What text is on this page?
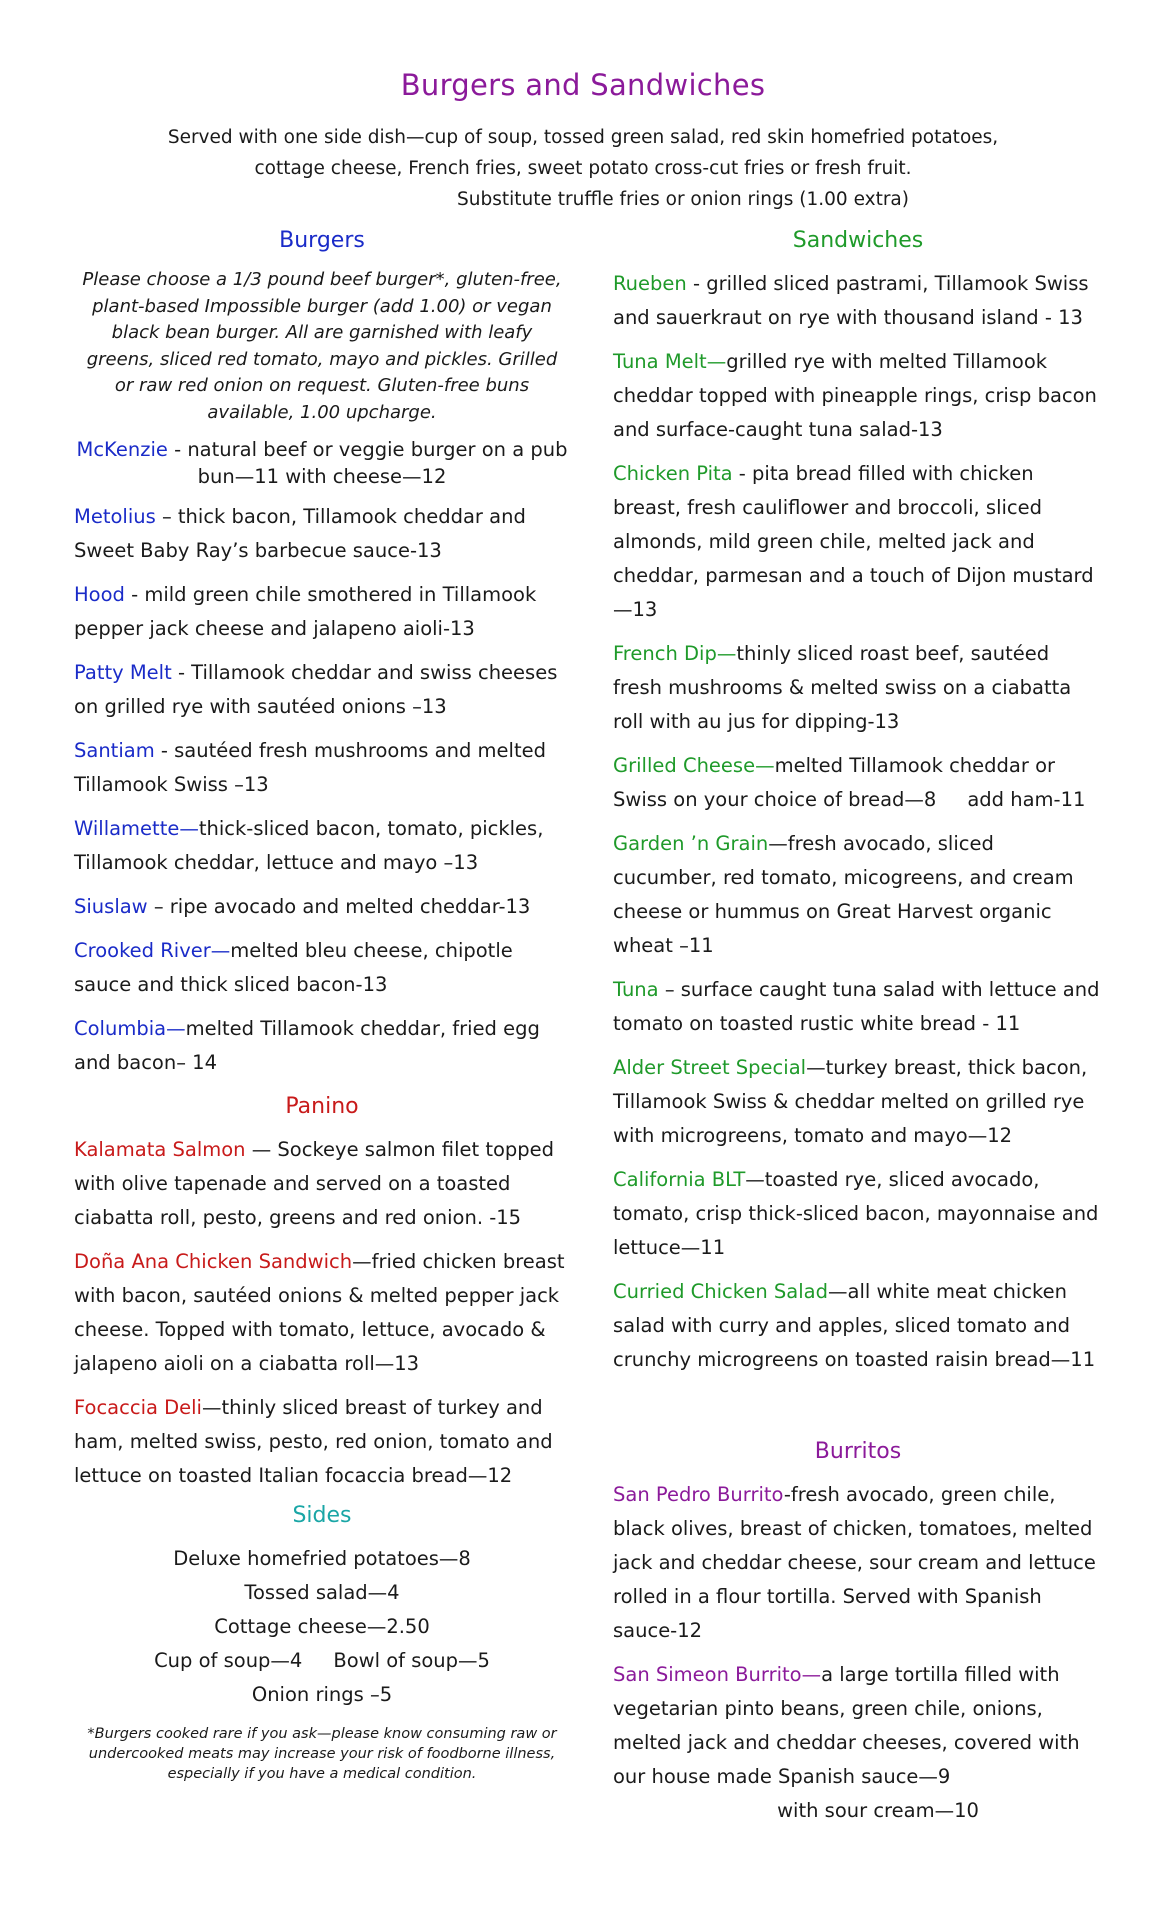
Burgers and Sandwiches
Served with one side dish—cup of soup, tossed green salad, red skin homefried potatoes,
cottage cheese, French fries, sweet potato cross-cut fries or fresh fruit.
Substitute truffle fries or onion rings (1.00 extra)
Burgers
Please choose a 1/3 pound beef burger*, gluten-free, plant-based Impossible burger (add 1.00) or vegan black bean burger. All are garnished with leafy greens, sliced red tomato, mayo and pickles. Grilled or raw red onion on request. Gluten-free buns available, 1.00 upcharge.
McKenzie - natural beef or veggie burger on a pub bun—11 with cheese—12
Metolius – thick bacon, Tillamook cheddar and Sweet Baby Ray’s barbecue sauce-13
Hood - mild green chile smothered in Tillamook pepper jack cheese and jalapeno aioli-13
Patty Melt - Tillamook cheddar and swiss cheeses on grilled rye with sautéed onions –13
Santiam - sautéed fresh mushrooms and melted Tillamook Swiss –13
Willamette—thick-sliced bacon, tomato, pickles, Tillamook cheddar, lettuce and mayo –13
Siuslaw – ripe avocado and melted cheddar-13
Crooked River—melted bleu cheese, chipotle sauce and thick sliced bacon-13
Columbia—melted Tillamook cheddar, fried egg and bacon– 14
Panino
Kalamata Salmon — Sockeye salmon filet topped with olive tapenade and served on a toasted ciabatta roll, pesto, greens and red onion. -15
Doña Ana Chicken Sandwich—fried chicken breast with bacon, sautéed onions & melted pepper jack cheese. Topped with tomato, lettuce, avocado & jalapeno aioli on a ciabatta roll—13
Focaccia Deli—thinly sliced breast of turkey and ham, melted swiss, pesto, red onion, tomato and lettuce on toasted Italian focaccia bread—12
Sides
Deluxe homefried potatoes—8
Tossed salad—4
Cottage cheese—2.50
Cup of soup—4     Bowl of soup—5
Onion rings –5
*Burgers cooked rare if you ask—please know consuming raw or undercooked meats may increase your risk of foodborne illness, especially if you have a medical condition.
Sandwiches
Rueben - grilled sliced pastrami, Tillamook Swiss and sauerkraut on rye with thousand island - 13
Tuna Melt—grilled rye with melted Tillamook cheddar topped with pineapple rings, crisp bacon and surface-caught tuna salad-13
Chicken Pita - pita bread filled with chicken breast, fresh cauliflower and broccoli, sliced almonds, mild green chile, melted jack and cheddar, parmesan and a touch of Dijon mustard—13
French Dip—thinly sliced roast beef, sautéed fresh mushrooms & melted swiss on a ciabatta roll with au jus for dipping-13
Grilled Cheese—melted Tillamook cheddar or Swiss on your choice of bread—8     add ham-11
Garden ’n Grain—fresh avocado, sliced cucumber, red tomato, micogreens, and cream cheese or hummus on Great Harvest organic wheat –11
Tuna – surface caught tuna salad with lettuce and tomato on toasted rustic white bread - 11
Alder Street Special—turkey breast, thick bacon, Tillamook Swiss & cheddar melted on grilled rye with microgreens, tomato and mayo—12
California BLT—toasted rye, sliced avocado, tomato, crisp thick-sliced bacon, mayonnaise and lettuce—11
Curried Chicken Salad—all white meat chicken salad with curry and apples, sliced tomato and crunchy microgreens on toasted raisin bread—11
Burritos
San Pedro Burrito-fresh avocado, green chile, black olives, breast of chicken, tomatoes, melted jack and cheddar cheese, sour cream and lettuce rolled in a flour tortilla. Served with Spanish sauce-12
San Simeon Burrito—a large tortilla filled with vegetarian pinto beans, green chile, onions, melted jack and cheddar cheeses, covered with our house made Spanish sauce—9
with sour cream—10
